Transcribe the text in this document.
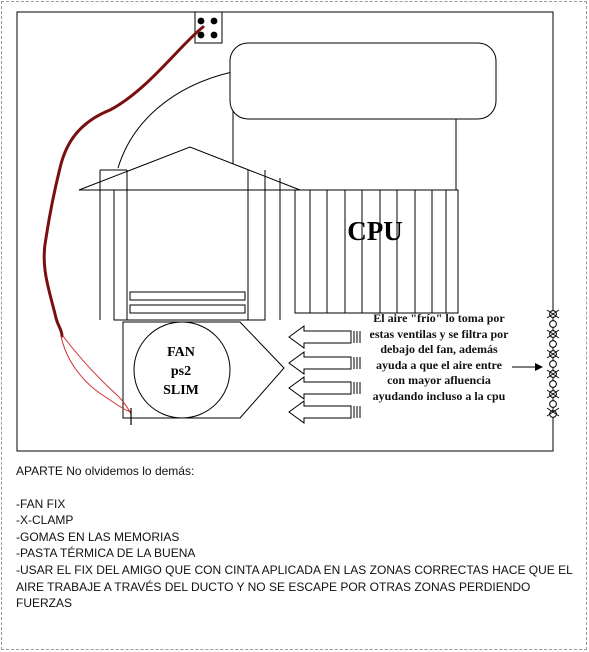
FAN
ps2
SLIM
CPU
El aire "frío" lo toma por estas ventilas y se filtra por debajo del fan, además ayuda a que el aire entre con mayor afluencia ayudando incluso a la cpu
APARTE No olvidemos lo demás:
-FAN FIX
-X-CLAMP
-GOMAS EN LAS MEMORIAS
-PASTA TÉRMICA DE LA BUENA
-USAR EL FIX DEL AMIGO QUE CON CINTA APLICADA EN LAS ZONAS CORRECTAS HACE QUE EL AIRE TRABAJE A TRAVÉS DEL DUCTO Y NO SE ESCAPE POR OTRAS ZONAS PERDIENDO FUERZAS
